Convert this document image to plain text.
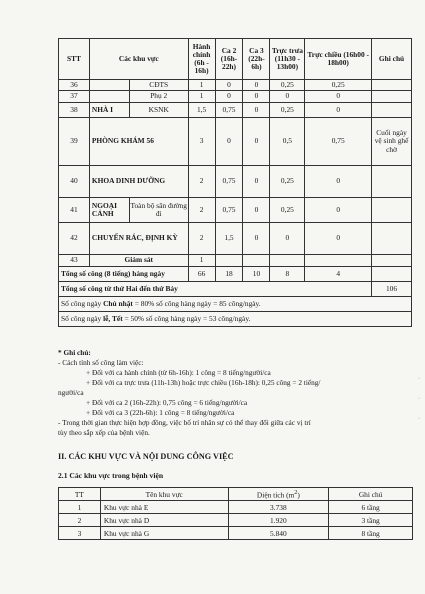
STT	Các khu vực		Hành chính (6h - 16h)	Ca 2 (16h- 22h)	Ca 3 (22h- 6h)	Trực trưa (11h30 - 13h00)	Trực chiều (16h00 - 18h00)	Ghi chú
36		CĐTS	1	0	0	0,25	0,25	
37		Phụ 2	1	0	0	0	0	
38	NHÀ I	KSNK	1,5	0,75	0	0,25	0	
39	PHÒNG KHÁM 56		3	0	0	0,5	0,75	Cuối ngày vệ sinh ghế chờ
40	KHOA DINH DƯỠNG		2	0,75	0	0,25	0	
41	NGOẠI CẢNH	Toàn bộ sân đường đi	2	0,75	0	0,25	0	
42	CHUYỂN RÁC, ĐỊNH KỲ		2	1,5	0	0	0	
43	Giám sát		1					
Tổng số công (8 tiếng) hàng ngày			66	18	10	8	4	
Tổng số công từ thứ Hai đến thứ Bảy								106
Số công ngày Chủ nhật = 80% số công hàng ngày = 85 công/ngày.								
Số công ngày lễ, Tết = 50% số công hàng ngày = 53 công/ngày.								
* Ghi chú:
- Cách tính số công làm việc:
+ Đối với ca hành chính (từ 6h-16h): 1 công = 8 tiếng/người/ca
+ Đối với ca trực trưa (11h-13h) hoặc trực chiều (16h-18h): 0,25 công = 2 tiếng/
người/ca
+ Đối với ca 2 (16h-22h): 0,75 công = 6 tiếng/người/ca
+ Đối với ca 3 (22h-6h): 1 công = 8 tiếng/người/ca
- Trong thời gian thực hiện hợp đồng, việc bố trí nhân sự có thể thay đổi giữa các vị trí
tùy theo sắp xếp của bệnh viện.
II. CÁC KHU VỰC VÀ NỘI DUNG CÔNG VIỆC
2.1 Các khu vực trong bệnh viện
TT	Tên khu vực	Diện tích $(m^2)$	Ghi chú
1	Khu vực nhà E	3.738	6 tầng
2	Khu vực nhà D	1.920	3 tầng
3	Khu vực nhà G	5.840	8 tầng
·
·
·
